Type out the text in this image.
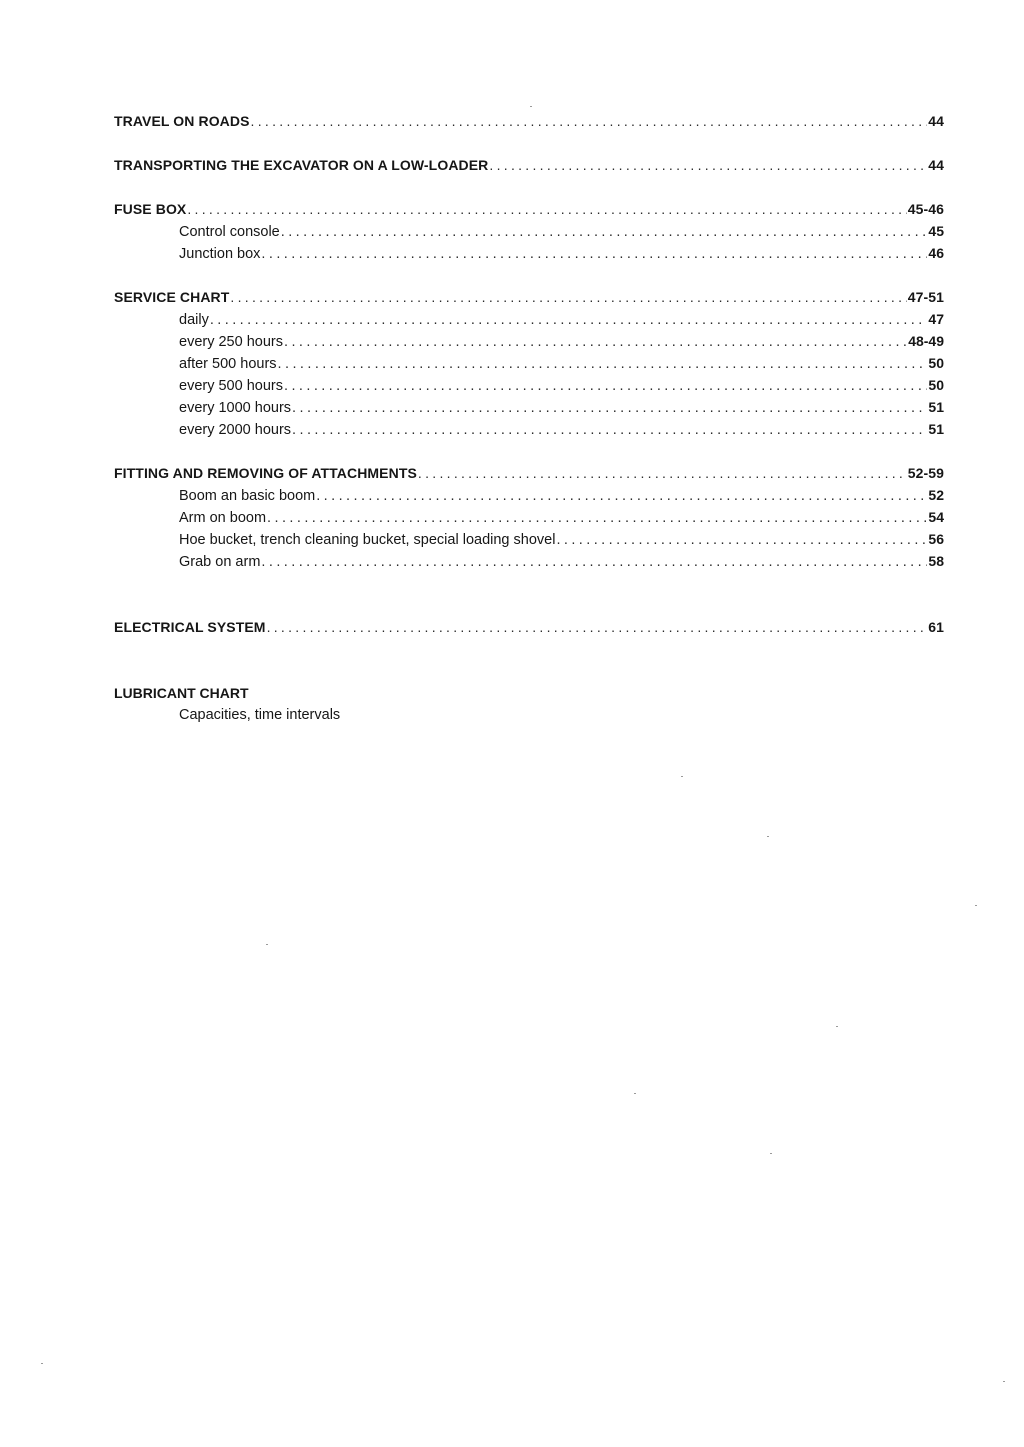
TRAVEL ON ROADS . . .	44
TRANSPORTING THE EXCAVATOR ON A LOW-LOADER . . .	44
FUSE BOX . . .	45-46
Control console . . .	45
Junction box . . .	46
SERVICE CHART . . .	47-51
daily . . .	47
every 250 hours . . .	48-49
after 500 hours . . .	50
every 500 hours . . .	50
every 1000 hours . . .	51
every 2000 hours . . .	51
FITTING AND REMOVING OF ATTACHMENTS . . .	52-59
Boom an basic boom . . .	52
Arm on boom . . .	54
Hoe bucket, trench cleaning bucket, special loading shovel . . .	56
Grab on arm . . .	58
ELECTRICAL SYSTEM . . .	61
LUBRICANT CHART
Capacities, time intervals
